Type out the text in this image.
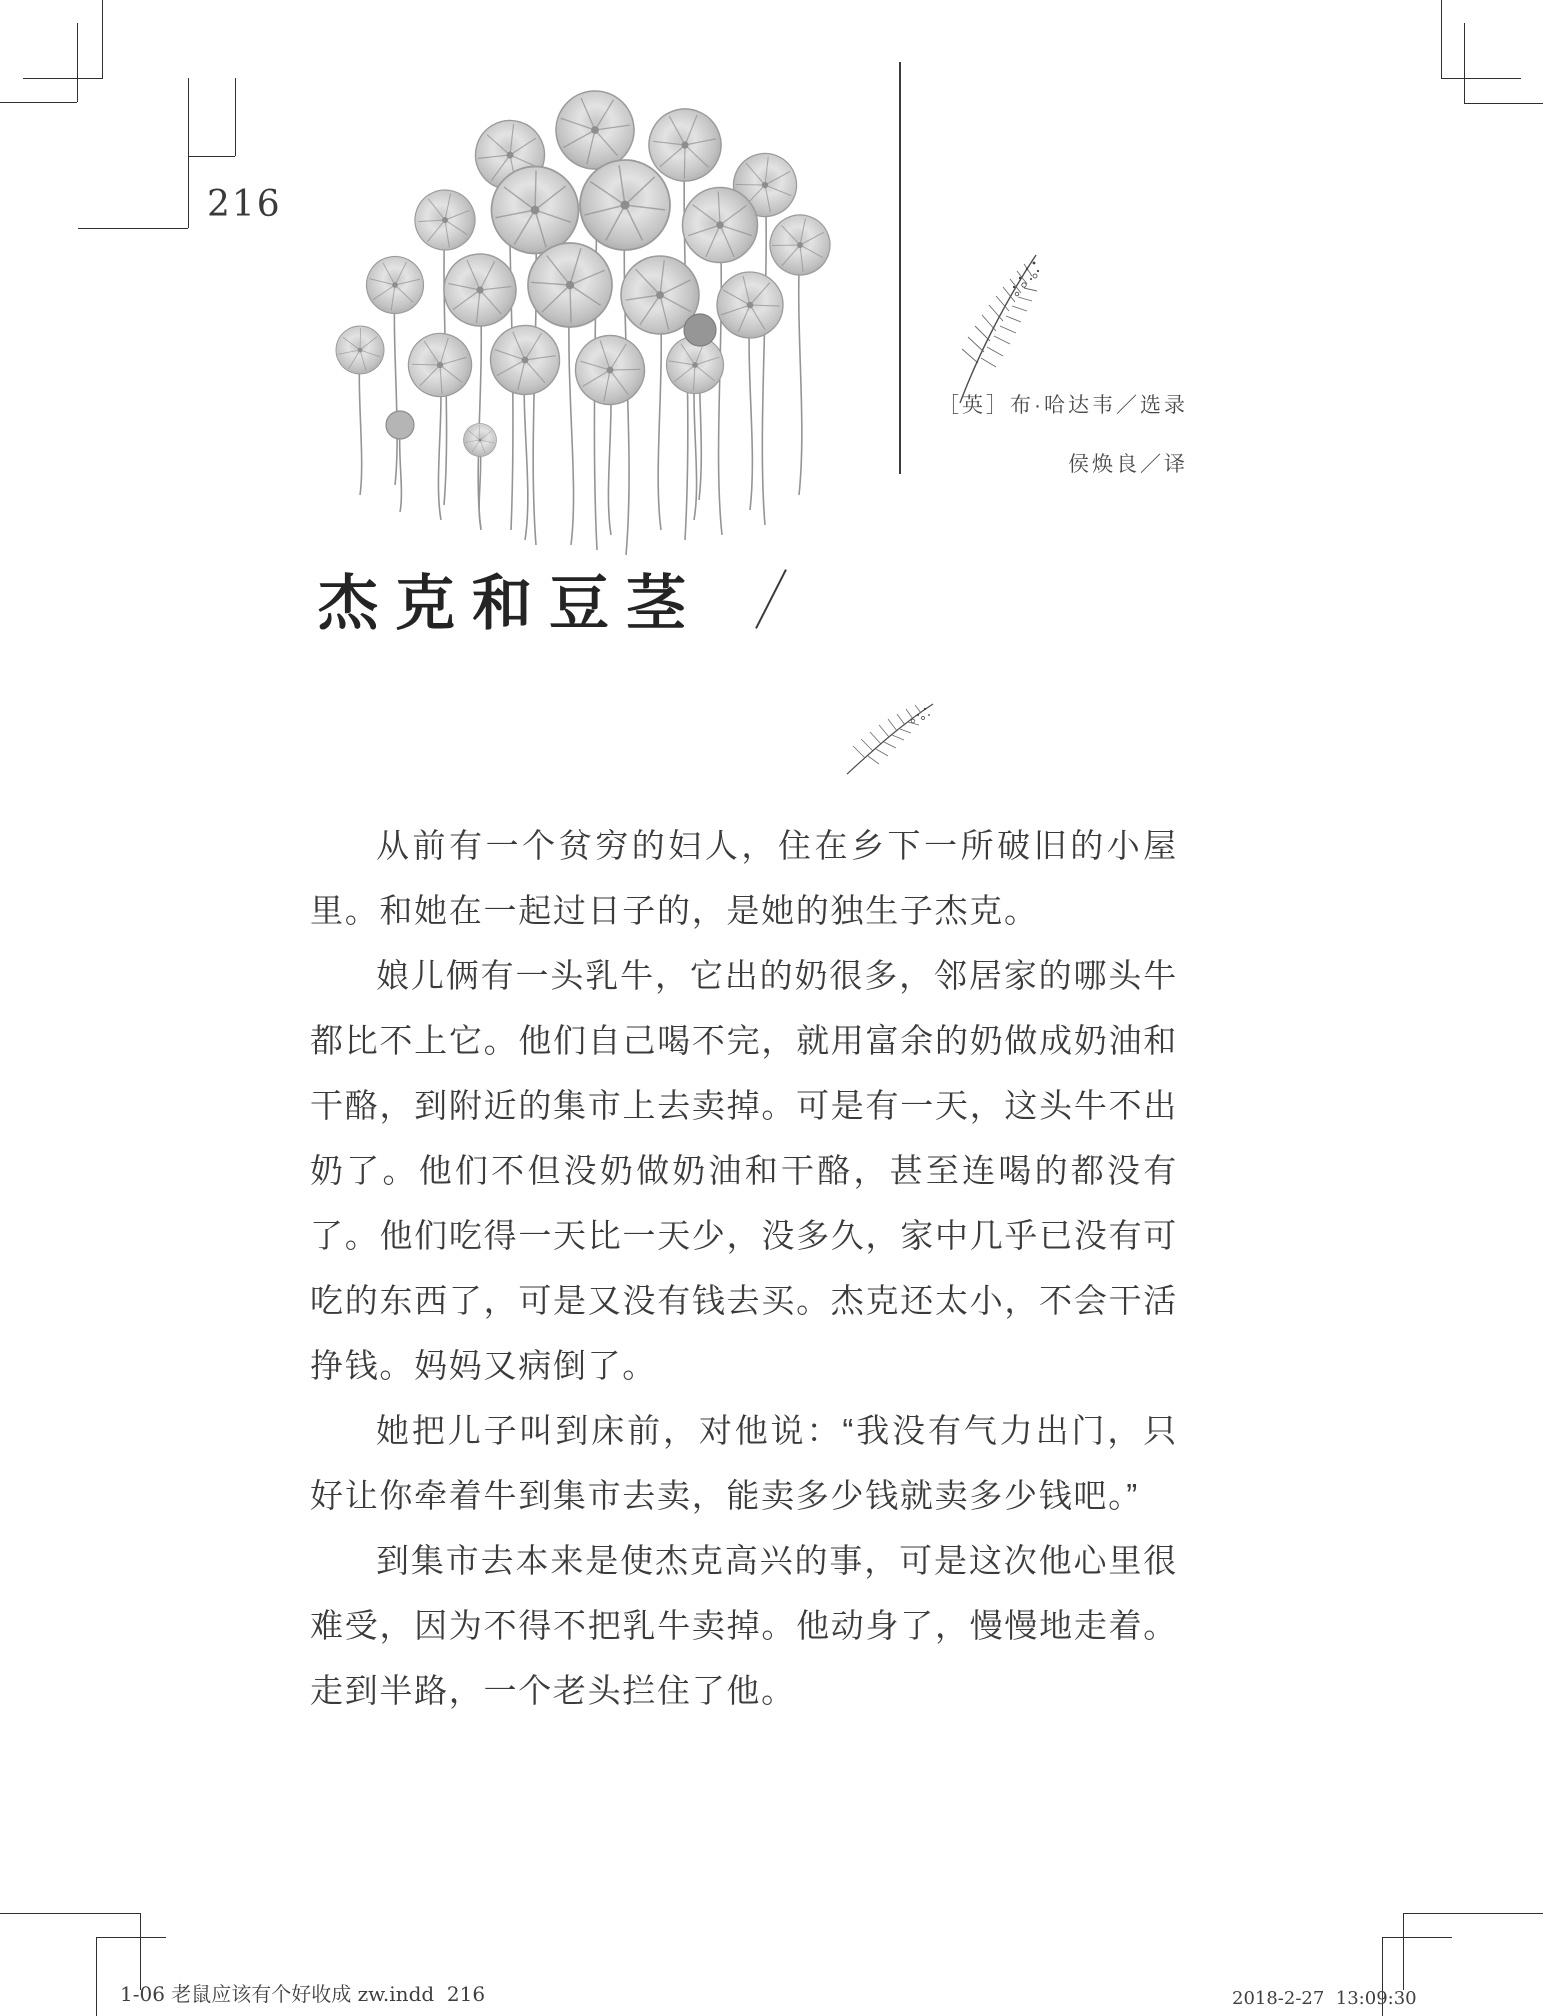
216
［英］布·哈达韦／选录
侯焕良／译
杰克和豆茎

从前有一个贫穷的妇人，住在乡下一所破旧的小屋里。和她在一起过日子的，是她的独生子杰克。

娘儿俩有一头乳牛，它出的奶很多，邻居家的哪头牛都比不上它。他们自己喝不完，就用富余的奶做成奶油和干酪，到附近的集市上去卖掉。可是有一天，这头牛不出奶了。他们不但没奶做奶油和干酪，甚至连喝的都没有了。他们吃得一天比一天少，没多久，家中几乎已没有可吃的东西了，可是又没有钱去买。杰克还太小，不会干活挣钱。妈妈又病倒了。

她把儿子叫到床前，对他说：“我没有气力出门，只好让你牵着牛到集市去卖，能卖多少钱就卖多少钱吧。”

到集市去本来是使杰克高兴的事，可是这次他心里很难受，因为不得不把乳牛卖掉。他动身了，慢慢地走着。走到半路，一个老头拦住了他。

1-06 老鼠应该有个好收成 zw.indd  216	2018-2-27  13:09:30
